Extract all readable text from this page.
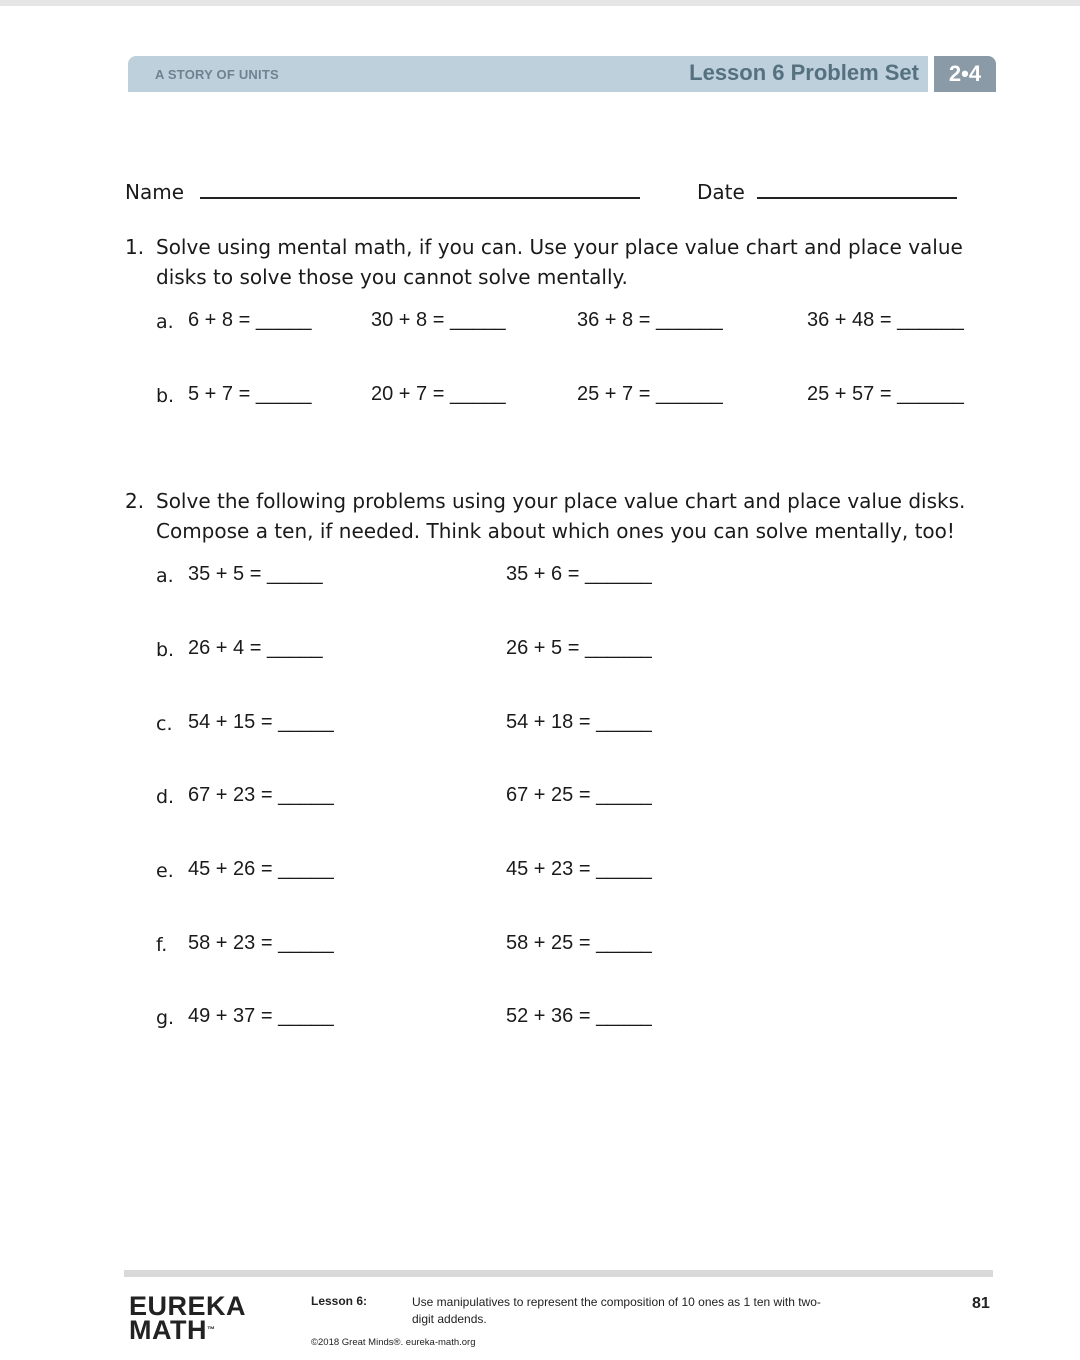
A STORY OF UNITS	Lesson 6 Problem Set	2•4
Name	Date
1. Solve using mental math, if you can. Use your place value chart and place value disks to solve those you cannot solve mentally.
a. 6 + 8 = _____	30 + 8 = _____	36 + 8 = ______	36 + 48 = ______
b. 5 + 7 = _____	20 + 7 = _____	25 + 7 = ______	25 + 57 = ______
2. Solve the following problems using your place value chart and place value disks. Compose a ten, if needed. Think about which ones you can solve mentally, too!
a. 35 + 5 = _____	35 + 6 = ______
b. 26 + 4 = _____	26 + 5 = ______
c. 54 + 15 = _____	54 + 18 = _____
d. 67 + 23 = _____	67 + 25 = _____
e. 45 + 26 = _____	45 + 23 = _____
f. 58 + 23 = _____	58 + 25 = _____
g. 49 + 37 = _____	52 + 36 = _____
EUREKA
MATH™
Lesson 6:	Use manipulatives to represent the composition of 10 ones as 1 ten with two-digit addends.
©2018 Great Minds®. eureka-math.org
81
